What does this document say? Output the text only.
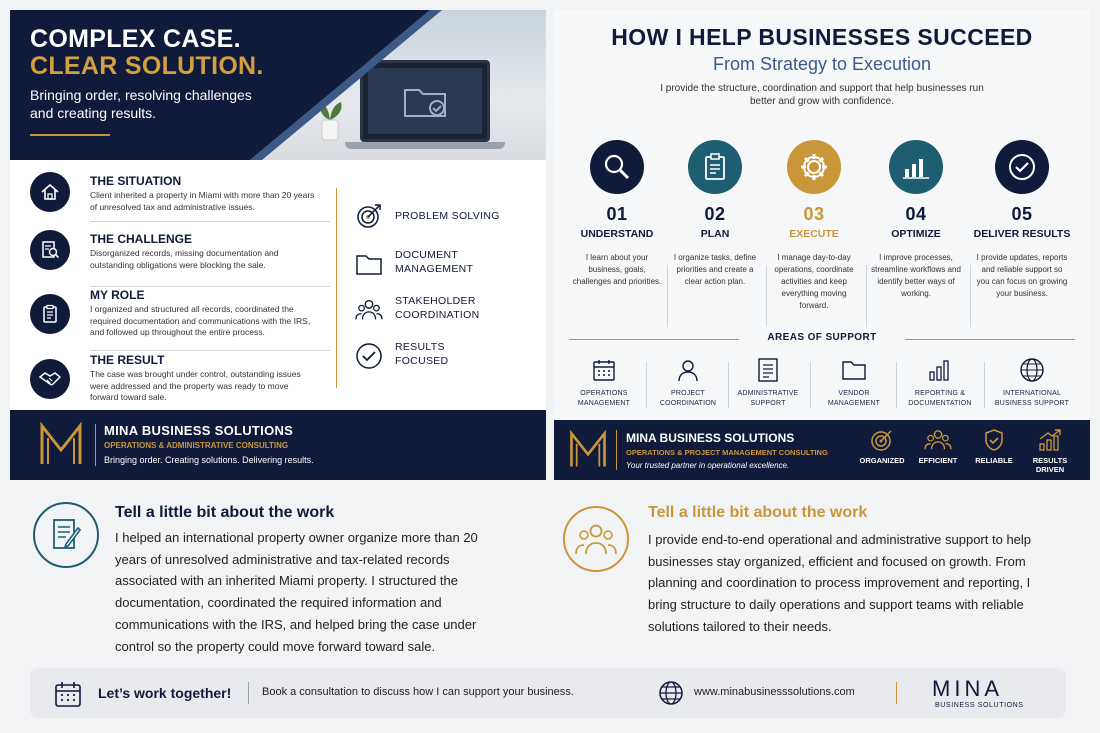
COMPLEX CASE.
CLEAR SOLUTION.
Bringing order, resolving challenges and creating results.
THE SITUATION

Client inherited a property in Miami with more than 20 years of unresolved tax and administrative issues.

THE CHALLENGE

Disorganized records, missing documentation and outstanding obligations were blocking the sale.

MY ROLE

I organized and structured all records, coordinated the required documentation and communications with the IRS, and followed up throughout the entire process.

THE RESULT

The case was brought under control, outstanding issues were addressed and the property was ready to move forward toward sale.

PROBLEM SOLVING
DOCUMENT MANAGEMENT
STAKEHOLDER COORDINATION
RESULTS FOCUSED
MINA BUSINESS SOLUTIONS
OPERATIONS & ADMINISTRATIVE CONSULTING
Bringing order. Creating solutions. Delivering results.
HOW I HELP BUSINESSES SUCCEED
From Strategy to Execution
I provide the structure, coordination and support that help businesses run better and grow with confidence.
01
UNDERSTAND
I learn about your business, goals, challenges and priorities.
02
PLAN
I organize tasks, define priorities and create a clear action plan.
03
EXECUTE
I manage day-to-day operations, coordinate activities and keep everything moving forward.
04
OPTIMIZE
I improve processes, streamline workflows and identify better ways of working.
05
DELIVER RESULTS
I provide updates, reports and reliable support so you can focus on growing your business.
AREAS OF SUPPORT
OPERATIONS MANAGEMENT
PROJECT COORDINATION
ADMINISTRATIVE SUPPORT
VENDOR MANAGEMENT
REPORTING & DOCUMENTATION
INTERNATIONAL BUSINESS SUPPORT
MINA BUSINESS SOLUTIONS
OPERATIONS & PROJECT MANAGEMENT CONSULTING
Your trusted partner in operational excellence.
ORGANIZED	EFFICIENT	RELIABLE	RESULTS DRIVEN
Tell a little bit about the work

I helped an international property owner organize more than 20 years of unresolved administrative and tax-related records associated with an inherited Miami property. I structured the documentation, coordinated the required information and communications with the IRS, and helped bring the case under control so the property could move forward toward sale.

Tell a little bit about the work

I provide end-to-end operational and administrative support to help businesses stay organized, efficient and focused on growth. From planning and coordination to process improvement and reporting, I bring structure to daily operations and support teams with reliable solutions tailored to their needs.

Let’s work together!	Book a consultation to discuss how I can support your business.	www.minabusinesssolutions.com	MINA
BUSINESS SOLUTIONS
